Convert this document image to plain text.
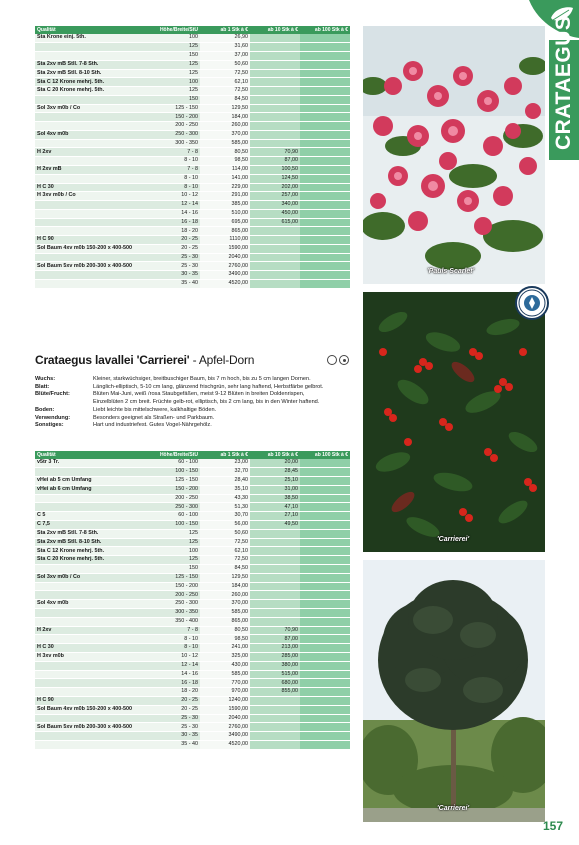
Qualität	Höhe/Breite/StU	ab 1 Stk à €	ab 10 Stk à €	ab 100 Stk à €
Sta Krone einj. 5th.	100	26,90		
	125	31,60		
	150	37,00		
Sta 2xv mB Stll. 7-8 Sth.	125	50,60		
Sta 2xv mB Stll. 8-10 Sth.	125	72,50		
Sta C 12 Krone mehrj. 5th.	100	62,10		
Sta C 20 Krone mehrj. 5th.	125	72,50		
	150	84,50		
Sol 3xv m0b / Co	125 - 150	129,50		
	150 - 200	184,00		
	200 - 250	260,00		
Sol 4xv m0b	250 - 300	370,00		
	300 - 350	585,00		
H 2xv	7 - 8	80,50	70,90	
	8 - 10	98,50	87,00	
H 2xv mB	7 - 8	114,00	100,50	
	8 - 10	141,00	124,50	
H C 30	8 - 10	229,00	202,00	
H 3xv m0b / Co	10 - 12	291,00	257,00	
	12 - 14	385,00	340,00	
	14 - 16	510,00	450,00	
	16 - 18	695,00	615,00	
	18 - 20	865,00		
H C 90	20 - 25	1110,00		
Sol Baum 4xv m0b 150-200 x 400-500	20 - 25	1590,00		
	25 - 30	2040,00		
Sol Baum 5xv m0b 200-300 x 400-500	25 - 30	2760,00		
	30 - 35	3490,00		
	35 - 40	4520,00		
Crataegus lavallei 'Carrierei' - Apfel-Dorn
Wuchs:	Kleiner, starkwüchsiger, breitbuschiger Baum, bis 7 m hoch, bis zu 5 cm langen Dornen.
Blatt:	Länglich-elliptisch, 5-10 cm lang, glänzend frischgrün, sehr lang haftend, Herbstfärbe gelbrot.
Blüte/Frucht:	Blüten Mai-Juni, weiß /rosa Staubgefäßen, meist 9-12 Blüten in breiten Doldenrispen,
Einzelblüten 2 cm breit. Früchte gelb-rot, elliptisch, bis 2 cm lang, bis in den Winter haftend.
Boden:	Liebt leichte bis mittelschwere, kalkhaltige Böden.
Verwendung:	Besonders geeignet als Straßen- und Parkbaum.
Sonstiges:	Hart und industriefest. Gutes Vogel-Nährgehölz.
Qualität	Höhe/Breite/StU	ab 1 Stk à €	ab 10 Stk à €	ab 100 Stk à €
v5tr 3 Tr.	60 - 100	23,00	20,00	
	100 - 150	32,70	28,45	
vHei ab 5 cm Umfang	125 - 150	28,40	25,10	
vHei ab 6 cm Umfang	150 - 200	35,10	31,00	
	200 - 250	43,30	38,50	
	250 - 300	51,30	47,10	
C 5	60 - 100	30,70	27,10	
C 7,5	100 - 150	56,00	49,50	
Sta 2xv mB Stll. 7-8 Sth.	125	50,60		
Sta 2xv mB Stll. 8-10 Sth.	125	72,50		
Sta C 12 Krone mehrj. 5th.	100	62,10		
Sta C 20 Krone mehrj. 5th.	125	72,50		
	150	84,50		
Sol 3xv m0b / Co	125 - 150	129,50		
	150 - 200	184,00		
	200 - 250	260,00		
Sol 4xv m0b	250 - 300	370,00		
	300 - 350	585,00		
	350 - 400	865,00		
H 2xv	7 - 8	80,50	70,90	
	8 - 10	98,50	87,00	
H C 30	8 - 10	241,00	213,00	
H 3xv m0b	10 - 12	325,00	285,00	
	12 - 14	430,00	380,00	
	14 - 16	585,00	515,00	
	16 - 18	770,00	680,00	
	18 - 20	970,00	855,00	
H C 90	20 - 25	1240,00		
Sol Baum 4xv m0b 150-200 x 400-500	20 - 25	1590,00		
	25 - 30	2040,00		
Sol Baum 5xv m0b 200-300 x 400-500	25 - 30	2760,00		
	30 - 35	3490,00		
	35 - 40	4520,00		
'Pauls Scarlet'
'Carrierei'
'Carrierei'
CRATAEGUS
157
